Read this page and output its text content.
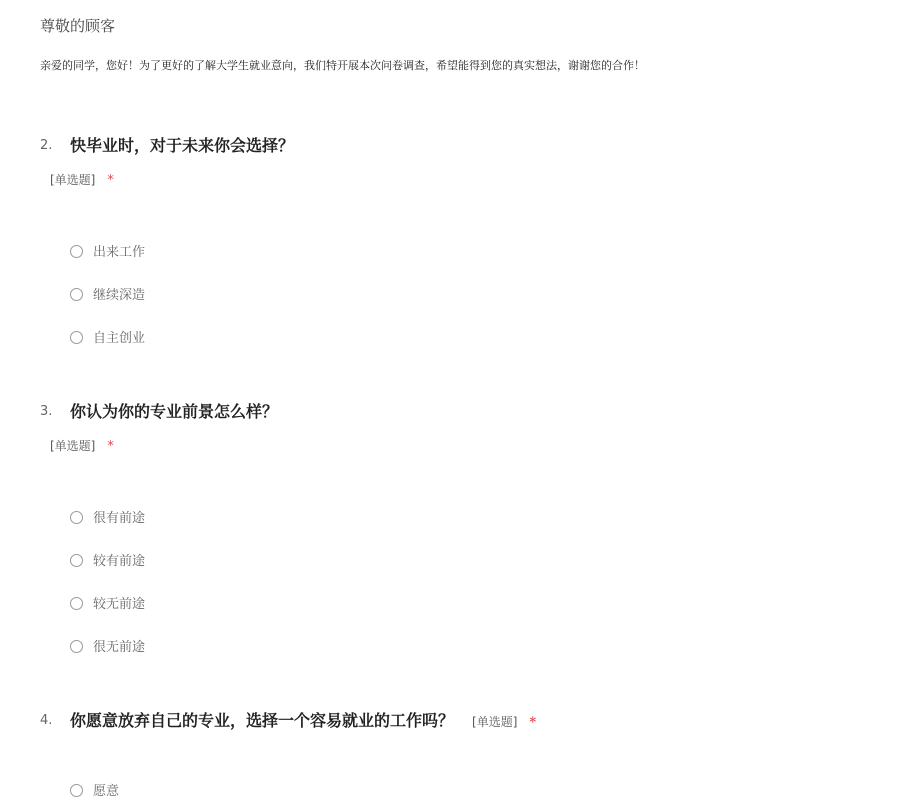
尊敬的顾客
亲爱的同学，您好！为了更好的了解大学生就业意向，我们特开展本次问卷调查，希望能得到您的真实想法，谢谢您的合作！
2. 快毕业时，对于未来你会选择？
[单选题] *
出来工作
继续深造
自主创业
3. 你认为你的专业前景怎么样？
[单选题] *
很有前途
较有前途
较无前途
很无前途
4. 你愿意放弃自己的专业，选择一个容易就业的工作吗？ [单选题] *
愿意
